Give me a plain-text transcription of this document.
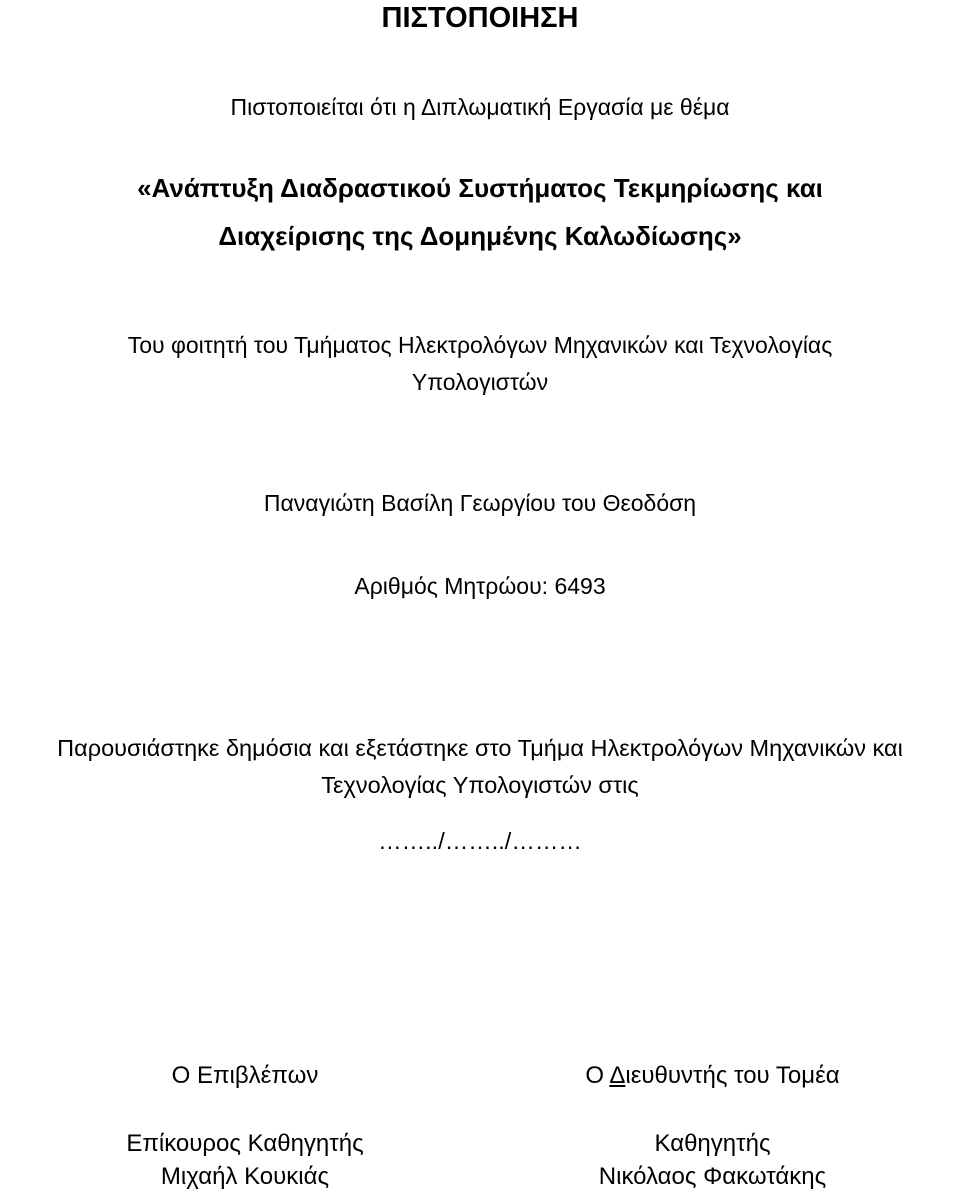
ΠΙΣΤΟΠΟΙΗΣΗ
Πιστοποιείται ότι η Διπλωματική Εργασία με θέμα
«Ανάπτυξη Διαδραστικού Συστήματος Τεκμηρίωσης και
Διαχείρισης της Δομημένης Καλωδίωσης»
Του φοιτητή του Τμήματος Ηλεκτρολόγων Μηχανικών και Τεχνολογίας
Υπολογιστών
Παναγιώτη Βασίλη Γεωργίου του Θεοδόση
Αριθμός Μητρώου: 6493
Παρουσιάστηκε δημόσια και εξετάστηκε στο Τμήμα Ηλεκτρολόγων Μηχανικών και
Τεχνολογίας Υπολογιστών στις
……../……../………
Ο Επιβλέπων
Επίκουρος Καθηγητής
Μιχαήλ Κουκιάς
Ο Διευθυντής του Τομέα
Καθηγητής
Νικόλαος Φακωτάκης
